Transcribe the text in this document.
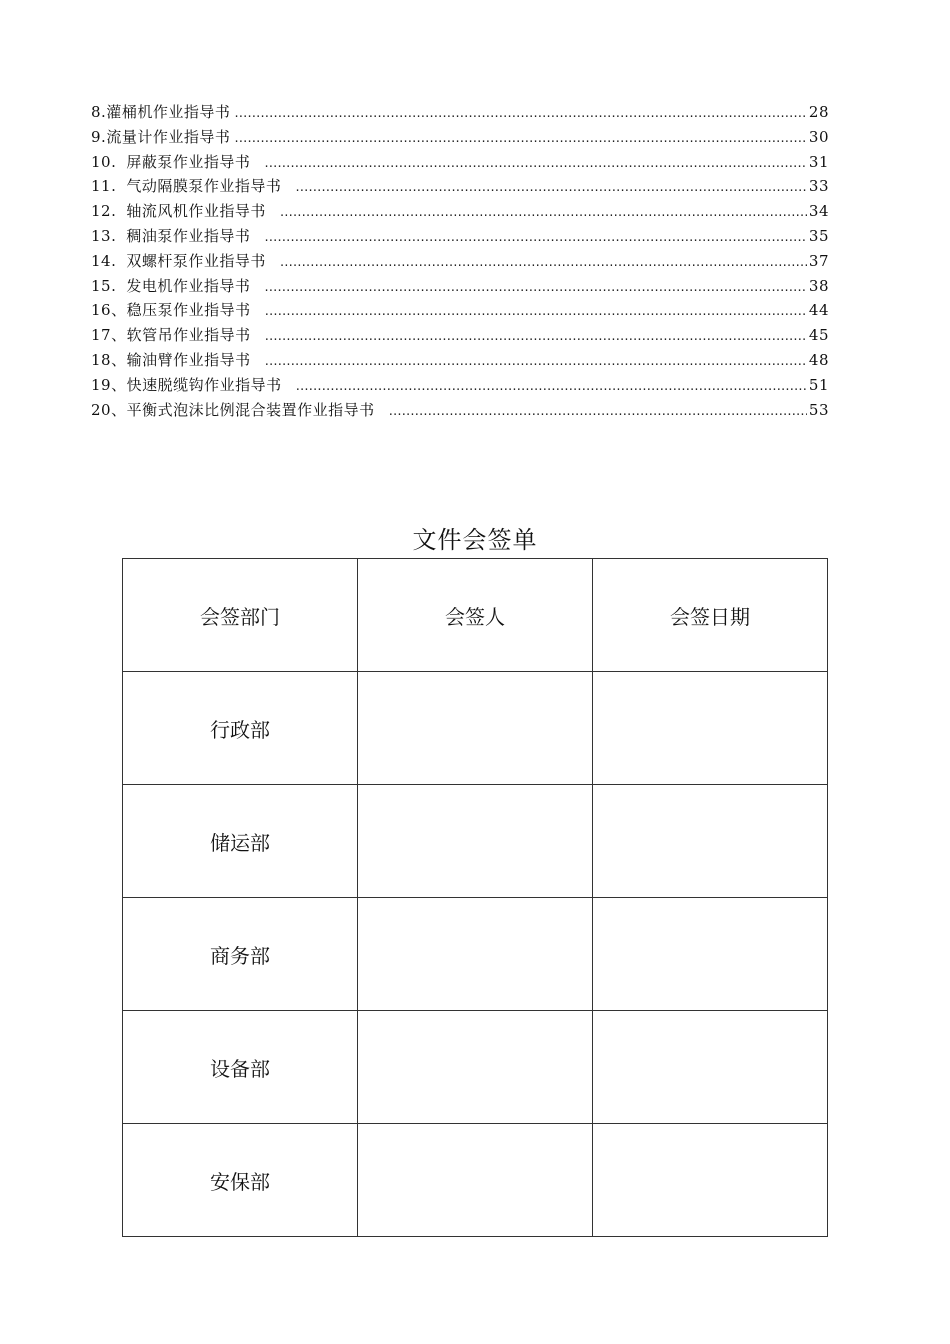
8. 灌桶机作业指导书 ……………………………………………………………………………………………………………………………………………………………………………………………………………………………………	28
9. 流量计作业指导书 ……………………………………………………………………………………………………………………………………………………………………………………………………………………………………	30
10. 屏蔽泵作业指导书 ……………………………………………………………………………………………………………………………………………………………………………………………………………………………………	31
11. 气动隔膜泵作业指导书 ……………………………………………………………………………………………………………………………………………………………………………………………………………………………………	33
12. 轴流风机作业指导书 ……………………………………………………………………………………………………………………………………………………………………………………………………………………………………	34
13. 稠油泵作业指导书 ……………………………………………………………………………………………………………………………………………………………………………………………………………………………………	35
14. 双螺杆泵作业指导书 ……………………………………………………………………………………………………………………………………………………………………………………………………………………………………	37
15. 发电机作业指导书 ……………………………………………………………………………………………………………………………………………………………………………………………………………………………………	38
16、 稳压泵作业指导书 ……………………………………………………………………………………………………………………………………………………………………………………………………………………………………	44
17、 软管吊作业指导书 ……………………………………………………………………………………………………………………………………………………………………………………………………………………………………	45
18、 输油臂作业指导书 ……………………………………………………………………………………………………………………………………………………………………………………………………………………………………	48
19、 快速脱缆钩作业指导书 ……………………………………………………………………………………………………………………………………………………………………………………………………………………………………	51
20、 平衡式泡沫比例混合装置作业指导书 ……………………………………………………………………………………………………………………………………………………………………………………………………………………………………	53
文件会签单
会签部门	会签人	会签日期
行政部		
储运部		
商务部		
设备部		
安保部		
